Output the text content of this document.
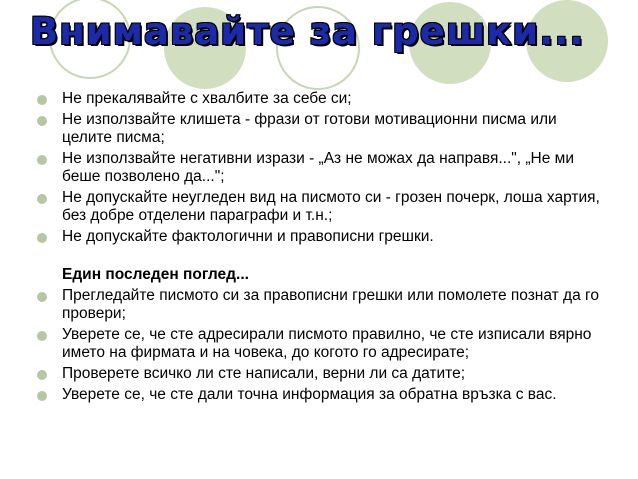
Внимавайте за грешки...
Не прекалявайте с хвалбите за себе си;
Не използвайте клишета - фрази от готови мотивационни писма или целите писма;
Не използвайте негативни изрази - „Аз не можах да направя...", „Не ми беше позволено да...";
Не допускайте неугледен вид на писмото си - грозен почерк, лоша хартия, без добре отделени параграфи и т.н.;
Не допускайте фактологични и правописни грешки.
Един последен поглед...
Прегледайте писмото си за правописни грешки или помолете познат да го провери;
Уверете се, че сте адресирали писмото правилно, че сте изписали вярно името на фирмата и на човека, до когото го адресирате;
Проверете всичко ли сте написали, верни ли са датите;
Уверете се, че сте дали точна информация за обратна връзка с вас.
